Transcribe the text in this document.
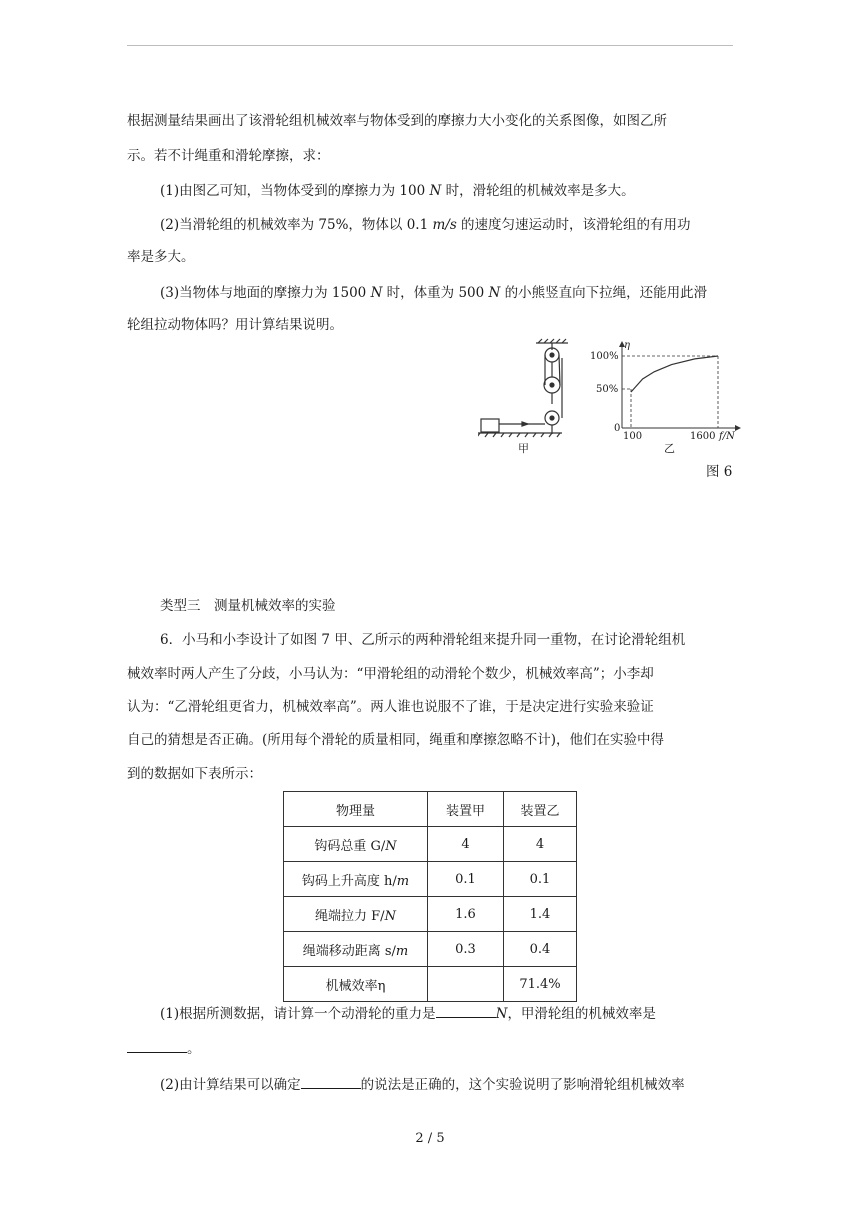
根据测量结果画出了该滑轮组机械效率与物体受到的摩擦力大小变化的关系图像，如图乙所

示。若不计绳重和滑轮摩擦，求：

(1)由图乙可知，当物体受到的摩擦力为 100 N 时，滑轮组的机械效率是多大。

(2)当滑轮组的机械效率为 75%，物体以 0.1 m/s 的速度匀速运动时，该滑轮组的有用功

率是多大。

(3)当物体与地面的摩擦力为 1500 N 时，体重为 500 N 的小熊竖直向下拉绳，还能用此滑

轮组拉动物体吗？用计算结果说明。

甲
η
f/N
100%
50%
0
100	1600
乙
图 6

类型三　测量机械效率的实验

6．小马和小李设计了如图 7 甲、乙所示的两种滑轮组来提升同一重物，在讨论滑轮组机

械效率时两人产生了分歧，小马认为：“甲滑轮组的动滑轮个数少，机械效率高”；小李却

认为：“乙滑轮组更省力，机械效率高”。两人谁也说服不了谁，于是决定进行实验来验证

自己的猜想是否正确。(所用每个滑轮的质量相同，绳重和摩擦忽略不计)，他们在实验中得

到的数据如下表所示：

物理量	装置甲	装置乙
钩码总重 G/N	4	4
钩码上升高度 h/m	0.1	0.1
绳端拉力 F/N	1.6	1.4
绳端移动距离 s/m	0.3	0.4
机械效率η		71.4%

(1)根据所测数据，请计算一个动滑轮的重力是	N，甲滑轮组的机械效率是

。

(2)由计算结果可以确定	的说法是正确的，这个实验说明了影响滑轮组机械效率

2 / 5
